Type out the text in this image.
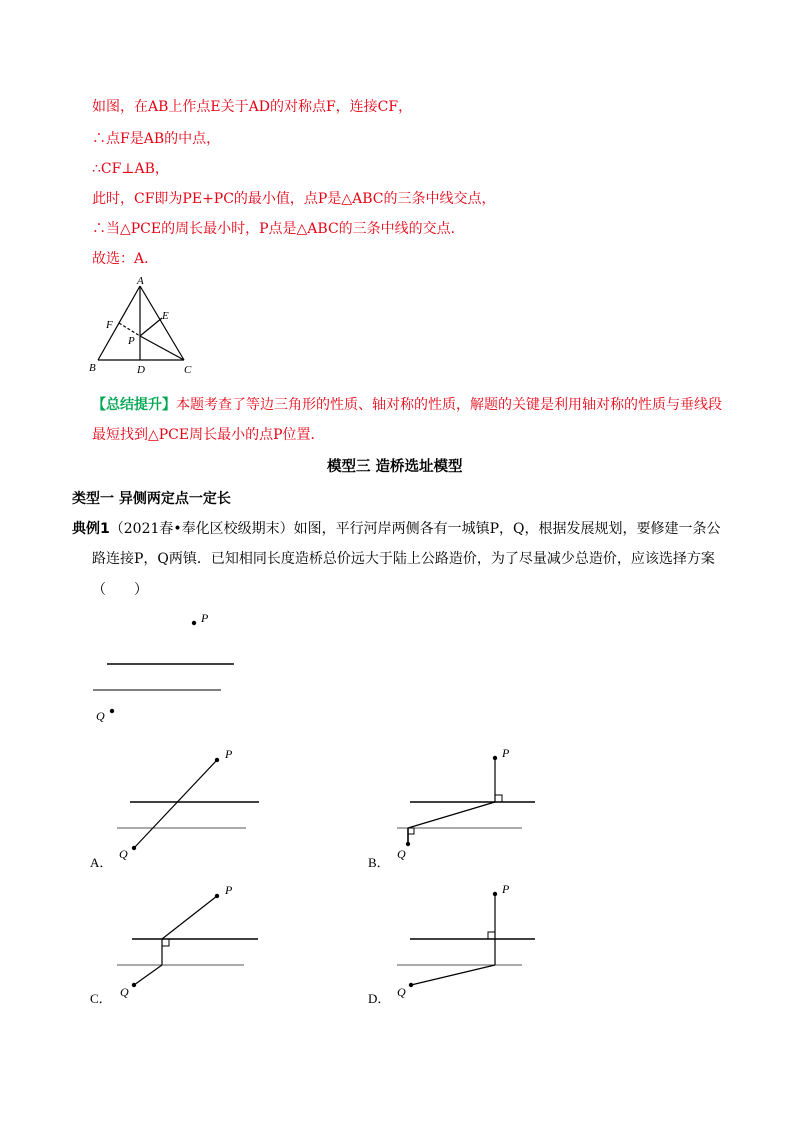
如图，在AB上作点E关于AD的对称点F，连接CF，
∴点F是AB的中点，
∴CF⊥AB，
此时，CF即为PE+PC的最小值，点P是△ABC的三条中线交点，
∴当△PCE的周长最小时，P点是△ABC的三条中线的交点．
故选：A．
A
B	C
D
E
F
P
【总结提升】本题考查了等边三角形的性质、轴对称的性质，解题的关键是利用轴对称的性质与垂线段
最短找到△PCE周长最小的点P位置．
模型三 造桥选址模型
类型一 异侧两定点一定长
典例1（2021春•奉化区校级期末）如图，平行河岸两侧各有一城镇P，Q，根据发展规划，要修建一条公
路连接P，Q两镇．已知相同长度造桥总价远大于陆上公路造价，为了尽量减少总造价，应该选择方案
（　　）
P
Q
P
Q
A．
P
Q
B．
P
Q
C．
P
Q
D．
